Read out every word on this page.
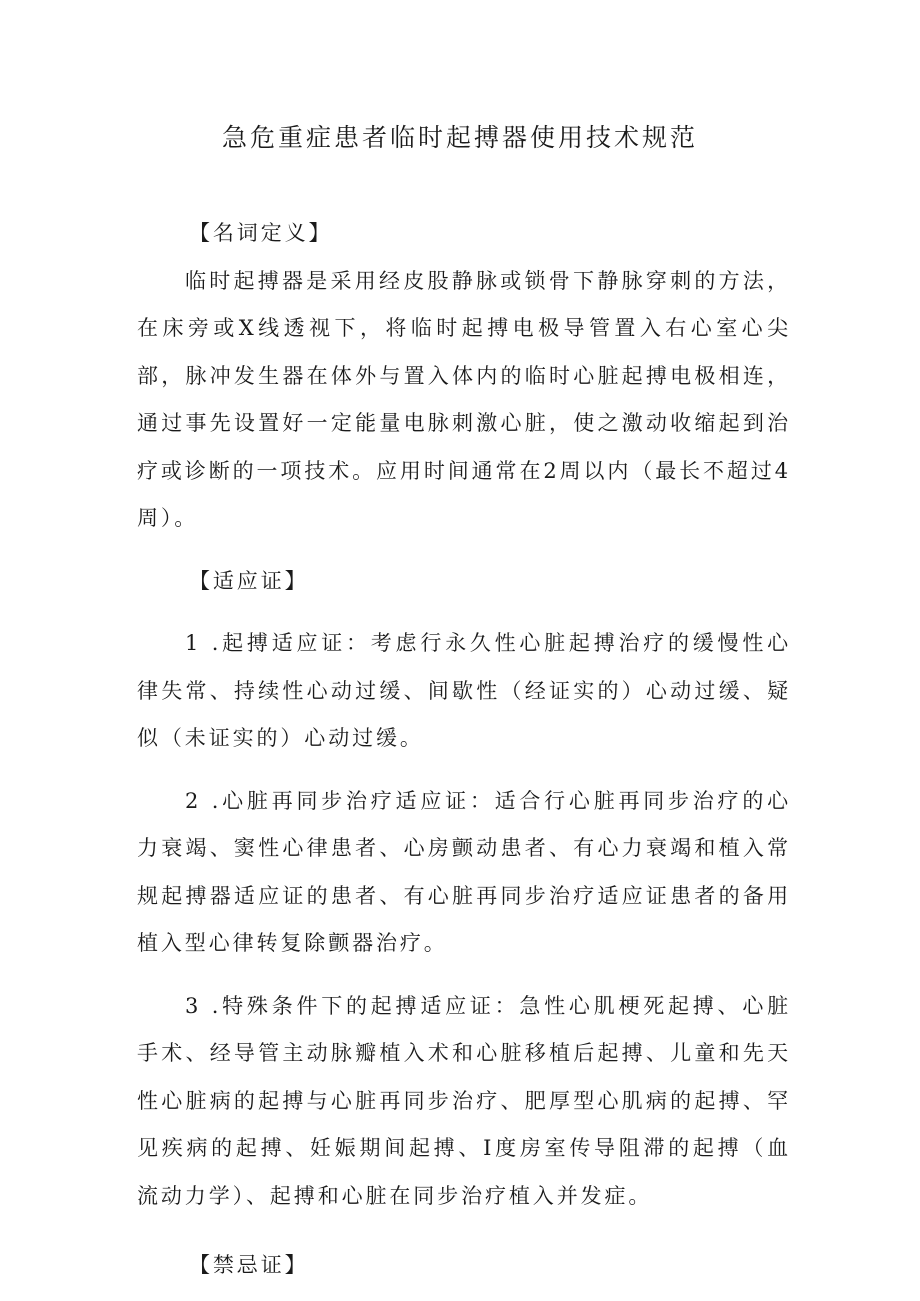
急危重症患者临时起搏器使用技术规范

【名词定义】

临时起搏器是采用经皮股静脉或锁骨下静脉穿刺的方法，在床旁或X线透视下，将临时起搏电极导管置入右心室心尖部，脉冲发生器在体外与置入体内的临时心脏起搏电极相连，通过事先设置好一定能量电脉刺激心脏，使之激动收缩起到治疗或诊断的一项技术。应用时间通常在2周以内（最长不超过4周）。

【适应证】

1 .起搏适应证：考虑行永久性心脏起搏治疗的缓慢性心律失常、持续性心动过缓、间歇性（经证实的）心动过缓、疑似（未证实的）心动过缓。

2 .心脏再同步治疗适应证：适合行心脏再同步治疗的心力衰竭、窦性心律患者、心房颤动患者、有心力衰竭和植入常规起搏器适应证的患者、有心脏再同步治疗适应证患者的备用植入型心律转复除颤器治疗。

3 .特殊条件下的起搏适应证：急性心肌梗死起搏、心脏手术、经导管主动脉瓣植入术和心脏移植后起搏、儿童和先天性心脏病的起搏与心脏再同步治疗、肥厚型心肌病的起搏、罕见疾病的起搏、妊娠期间起搏、I度房室传导阻滞的起搏（血流动力学）、起搏和心脏在同步治疗植入并发症。

【禁忌证】
